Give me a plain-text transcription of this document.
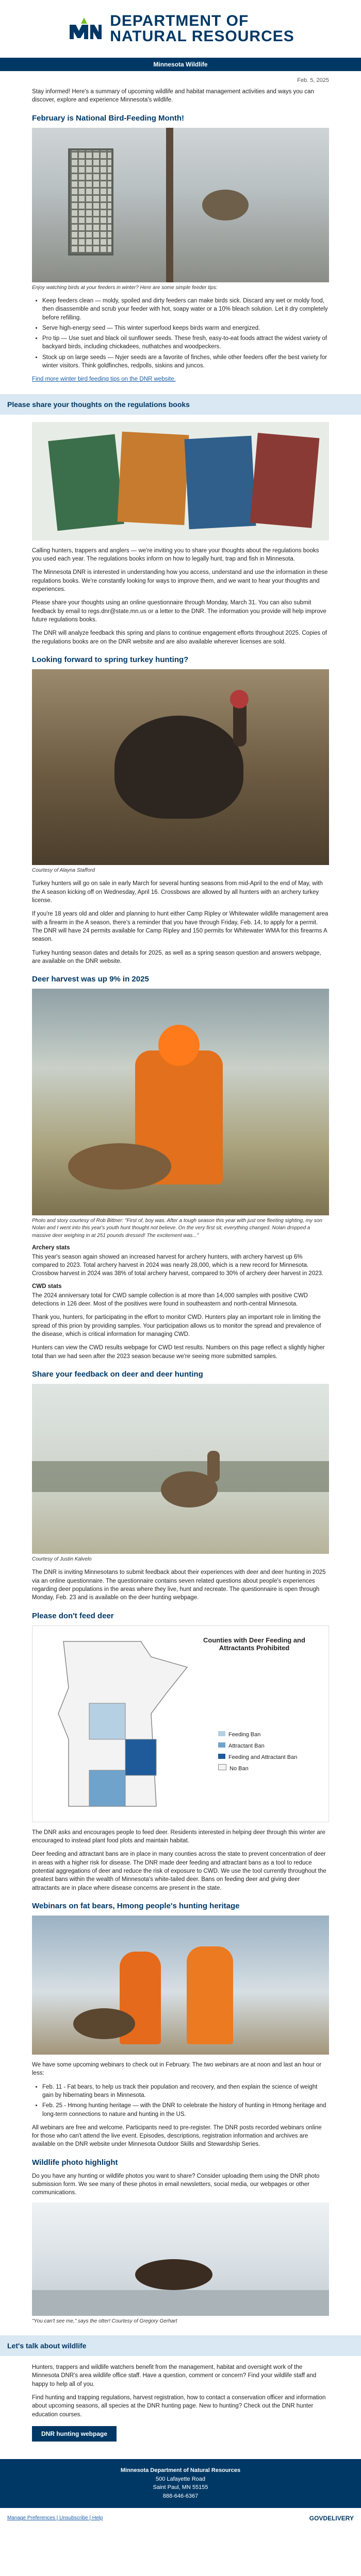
DEPARTMENT OF
NATURAL RESOURCES
Minnesota Wildlife
Feb. 5, 2025

Stay informed! Here's a summary of upcoming wildlife and habitat management activities and ways you can discover, explore and experience Minnesota's wildlife.

February is National Bird-Feeding Month!

Enjoy watching birds at your feeders in winter? Here are some simple feeder tips:

• Keep feeders clean — moldy, spoiled and dirty feeders can make birds sick. Discard any wet or moldy food, then disassemble and scrub your feeder with hot, soapy water or a 10% bleach solution. Let it dry completely before refilling.
• Serve high-energy seed — This winter superfood keeps birds warm and energized.
• Pro tip — Use suet and black oil sunflower seeds. These fresh, easy-to-eat foods attract the widest variety of backyard birds, including chickadees, nuthatches and woodpeckers.
• Stock up on large seeds — Nyjer seeds are a favorite of finches, while other feeders offer the best variety for winter visitors. Think goldfinches, redpolls, siskins and juncos.

Find more winter bird feeding tips on the DNR website.

Please share your thoughts on the regulations books

Calling hunters, trappers and anglers — we're inviting you to share your thoughts about the regulations books you used each year. The regulations books inform on how to legally hunt, trap and fish in Minnesota.

The Minnesota DNR is interested in understanding how you access, understand and use the information in these regulations books. We're constantly looking for ways to improve them, and we want to hear your thoughts and experiences.

Please share your thoughts using an online questionnaire through Monday, March 31. You can also submit feedback by email to regs.dnr@state.mn.us or a letter to the DNR. The information you provide will help improve future regulations books.

The DNR will analyze feedback this spring and plans to continue engagement efforts throughout 2025. Copies of the regulations books are on the DNR website and are also available wherever licenses are sold.

Looking forward to spring turkey hunting?

Courtesy of Alayna Stafford

Turkey hunters will go on sale in early March for several hunting seasons from mid-April to the end of May, with the A season kicking off on Wednesday, April 16. Crossbows are allowed by all hunters with an archery turkey license.

If you're 18 years old and older and planning to hunt either Camp Ripley or Whitewater wildlife management area with a firearm in the A season, there's a reminder that you have through Friday, Feb. 14, to apply for a permit. The DNR will have 24 permits available for Camp Ripley and 150 permits for Whitewater WMA for this firearms A season.

Turkey hunting season dates and details for 2025, as well as a spring season question and answers webpage, are available on the DNR website.

Deer harvest was up 9% in 2025

Photo and story courtesy of Rob Bittner: "First of, boy was. After a tough season this year with just one fleeting sighting, my son Nolan and I went into this year's youth hunt thought not believe. On the very first sit, everything changed. Nolan dropped a massive deer weighing in at 251 pounds dressed! The excitement was..."

Archery stats

This year's season again showed an increased harvest for archery hunters, with archery harvest up 6% compared to 2023. Total archery harvest in 2024 was nearly 28,000, which is a new record for Minnesota. Crossbow harvest in 2024 was 38% of total archery harvest, compared to 30% of archery deer harvest in 2023.

CWD stats

The 2024 anniversary total for CWD sample collection is at more than 14,000 samples with positive CWD detections in 126 deer. Most of the positives were found in southeastern and north-central Minnesota.

Thank you, hunters, for participating in the effort to monitor CWD. Hunters play an important role in limiting the spread of this prion by providing samples. Your participation allows us to monitor the spread and prevalence of the disease, which is critical information for managing CWD.

Hunters can view the CWD results webpage for CWD test results. Numbers on this page reflect a slightly higher total than we had seen after the 2023 season because we're seeing more submitted samples.

Share your feedback on deer and deer hunting

Courtesy of Justin Kalvelo

The DNR is inviting Minnesotans to submit feedback about their experiences with deer and deer hunting in 2025 via an online questionnaire. The questionnaire contains seven related questions about people's experiences regarding deer populations in the areas where they live, hunt and recreate. The questionnaire is open through Monday, Feb. 23 and is available on the deer hunting webpage.

Please don't feed deer
Counties with Deer Feeding and Attractants Prohibited
Feeding Ban
Attractant Ban
Feeding and Attractant Ban
No Ban

The DNR asks and encourages people to feed deer. Residents interested in helping deer through this winter are encouraged to instead plant food plots and maintain habitat.

Deer feeding and attractant bans are in place in many counties across the state to prevent concentration of deer in areas with a higher risk for disease. The DNR made deer feeding and attractant bans as a tool to reduce potential aggregations of deer and reduce the risk of exposure to CWD. We use the tool currently throughout the greatest bans within the wealth of Minnesota's white-tailed deer. Bans on feeding deer and giving deer attractants are in place where disease concerns are present in the state.

Webinars on fat bears, Hmong people's hunting heritage

We have some upcoming webinars to check out in February. The two webinars are at noon and last an hour or less:

• Feb. 11 - Fat bears, to help us track their population and recovery, and then explain the science of weight gain by hibernating bears in Minnesota.
• Feb. 25 - Hmong hunting heritage — with the DNR to celebrate the history of hunting in Hmong heritage and long-term connections to nature and hunting in the US.

All webinars are free and welcome. Participants need to pre-register. The DNR posts recorded webinars online for those who can't attend the live event. Episodes, descriptions, registration information and archives are available on the DNR website under Minnesota Outdoor Skills and Stewardship Series.

Wildlife photo highlight

Do you have any hunting or wildlife photos you want to share? Consider uploading them using the DNR photo submission form. We see many of these photos in email newsletters, social media, our webpages or other communications.

"You can't see me," says the otter! Courtesy of Gregory Gerhart

Let's talk about wildlife

Hunters, trappers and wildlife watchers benefit from the management, habitat and oversight work of the Minnesota DNR's area wildlife office staff. Have a question, comment or concern? Find your wildlife staff and happy to help all of you.

Find hunting and trapping regulations, harvest registration, how to contact a conservation officer and information about upcoming seasons, all species at the DNR hunting page. New to hunting? Check out the DNR hunter education courses.

DNR hunting webpage
Minnesota Department of Natural Resources
500 Lafayette Road
Saint Paul, MN 55155
888-646-6367
Manage Preferences | Unsubscribe | Help	GOVDELIVERY
